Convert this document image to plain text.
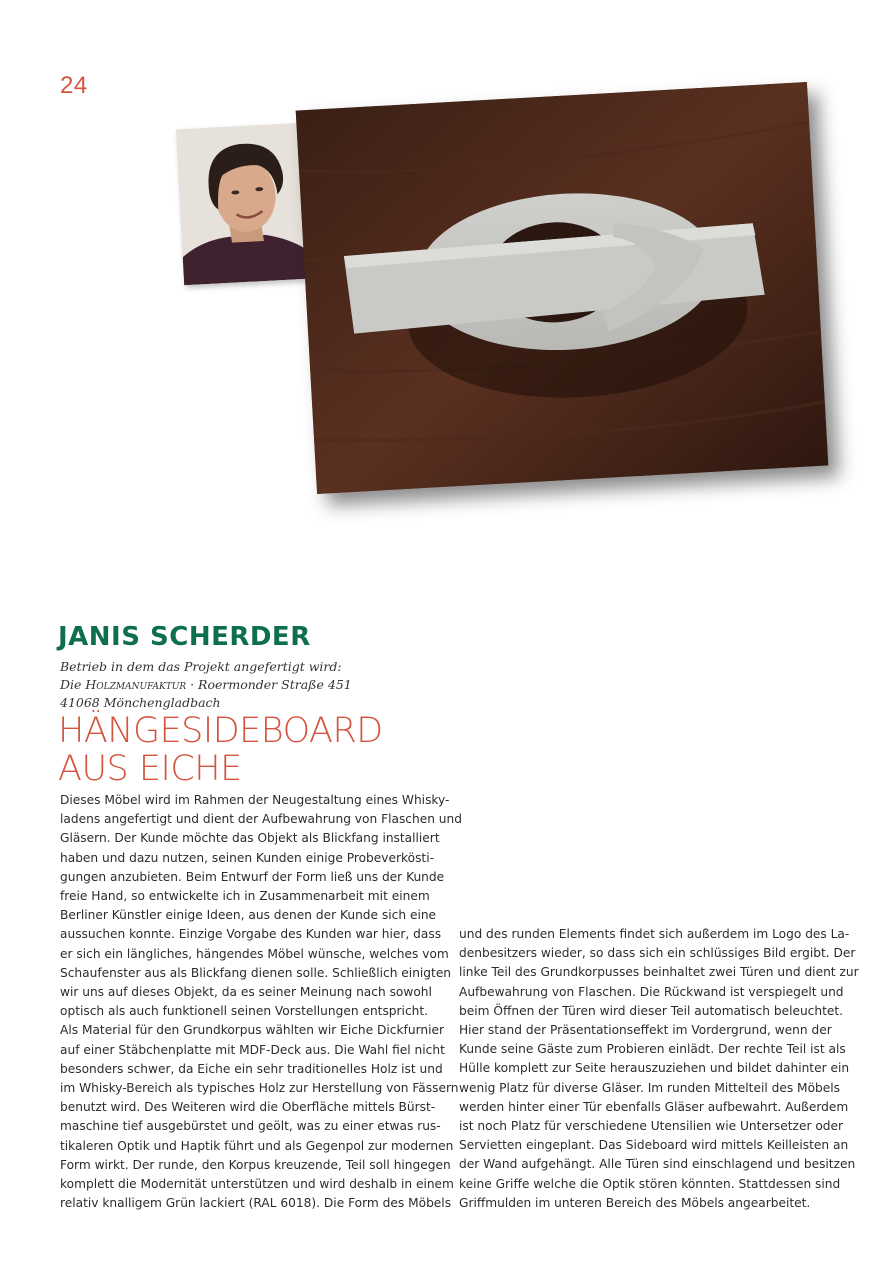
24
JANIS SCHERDER
Betrieb in dem das Projekt angefertigt wird:
Die Holzmanufaktur · Roermonder Straße 451
41068 Mönchengladbach
HÄNGESIDEBOARD
AUS EICHE
Dieses Möbel wird im Rahmen der Neugestaltung eines Whisky-
ladens angefertigt und dient der Aufbewahrung von Flaschen und
Gläsern. Der Kunde möchte das Objekt als Blickfang installiert
haben und dazu nutzen, seinen Kunden einige Probeverkösti-
gungen anzubieten. Beim Entwurf der Form ließ uns der Kunde
freie Hand, so entwickelte ich in Zusammenarbeit mit einem
Berliner Künstler einige Ideen, aus denen der Kunde sich eine
aussuchen konnte. Einzige Vorgabe des Kunden war hier, dass
er sich ein längliches, hängendes Möbel wünsche, welches vom
Schaufenster aus als Blickfang dienen solle. Schließlich einigten
wir uns auf dieses Objekt, da es seiner Meinung nach sowohl
optisch als auch funktionell seinen Vorstellungen entspricht.
Als Material für den Grundkorpus wählten wir Eiche Dickfurnier
auf einer Stäbchenplatte mit MDF-Deck aus. Die Wahl fiel nicht
besonders schwer, da Eiche ein sehr traditionelles Holz ist und
im Whisky-Bereich als typisches Holz zur Herstellung von Fässern
benutzt wird. Des Weiteren wird die Oberfläche mittels Bürst-
maschine tief ausgebürstet und geölt, was zu einer etwas rus-
tikaleren Optik und Haptik führt und als Gegenpol zur modernen
Form wirkt. Der runde, den Korpus kreuzende, Teil soll hingegen
komplett die Modernität unterstützen und wird deshalb in einem
relativ knalligem Grün lackiert (RAL 6018). Die Form des Möbels
und des runden Elements findet sich außerdem im Logo des La-
denbesitzers wieder, so dass sich ein schlüssiges Bild ergibt. Der
linke Teil des Grundkorpusses beinhaltet zwei Türen und dient zur
Aufbewahrung von Flaschen. Die Rückwand ist verspiegelt und
beim Öffnen der Türen wird dieser Teil automatisch beleuchtet.
Hier stand der Präsentationseffekt im Vordergrund, wenn der
Kunde seine Gäste zum Probieren einlädt. Der rechte Teil ist als
Hülle komplett zur Seite herauszuziehen und bildet dahinter ein
wenig Platz für diverse Gläser. Im runden Mittelteil des Möbels
werden hinter einer Tür ebenfalls Gläser aufbewahrt. Außerdem
ist noch Platz für verschiedene Utensilien wie Untersetzer oder
Servietten eingeplant. Das Sideboard wird mittels Keilleisten an
der Wand aufgehängt. Alle Türen sind einschlagend und besitzen
keine Griffe welche die Optik stören könnten. Stattdessen sind
Griffmulden im unteren Bereich des Möbels angearbeitet.
